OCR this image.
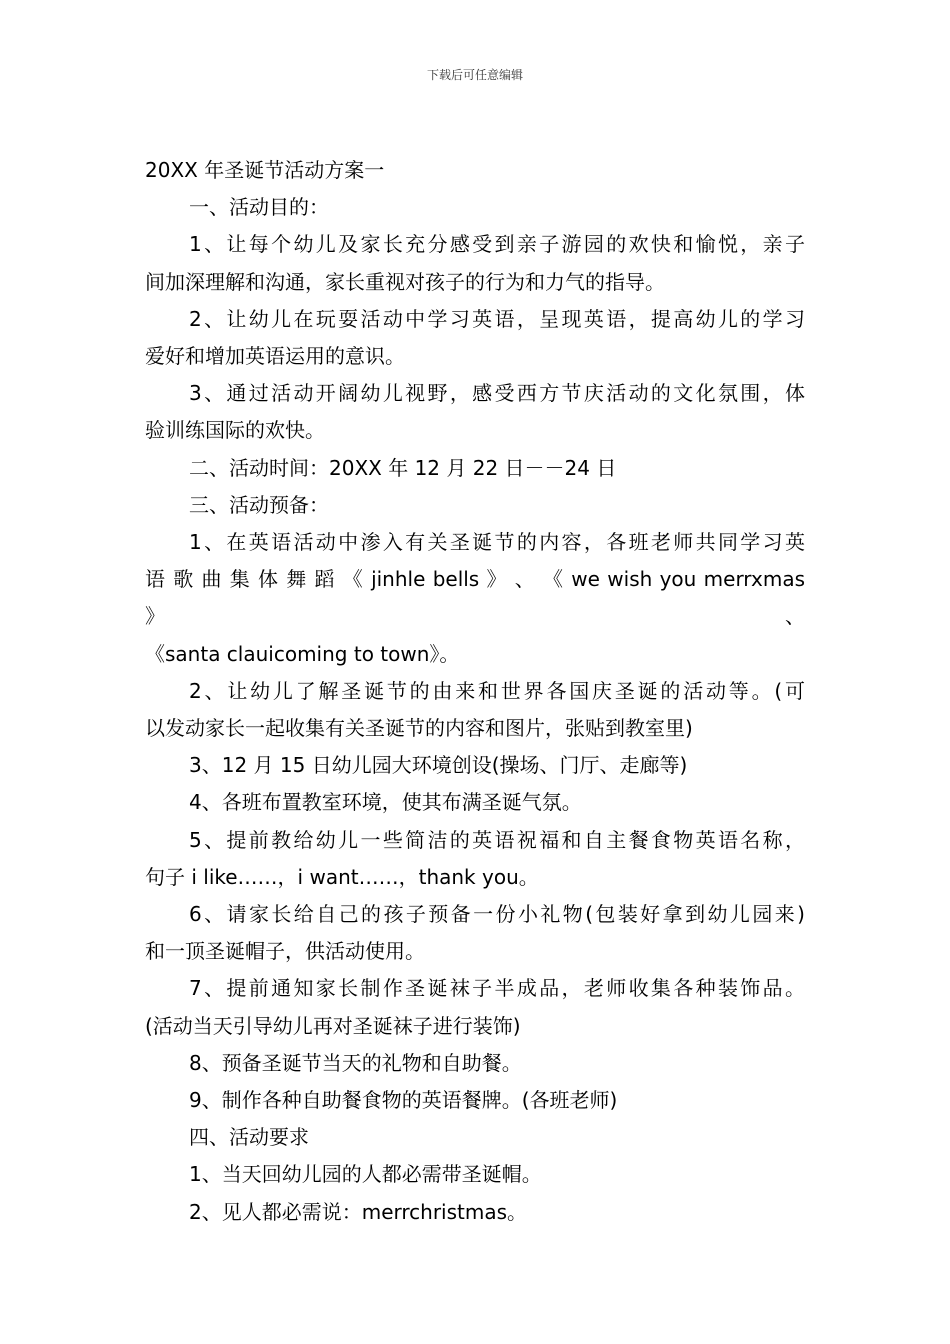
下载后可任意编辑

20XX 年圣诞节活动方案一

一、活动目的：

1、让每个幼儿及家长充分感受到亲子游园的欢快和愉悦，亲子

间加深理解和沟通，家长重视对孩子的行为和力气的指导。

2、让幼儿在玩耍活动中学习英语，呈现英语，提高幼儿的学习

爱好和增加英语运用的意识。

3、通过活动开阔幼儿视野，感受西方节庆活动的文化氛围，体

验训练国际的欢快。

二、活动时间：20XX 年 12 月 22 日－－24 日

三、活动预备：

1、在英语活动中渗入有关圣诞节的内容，各班老师共同学习英

语 歌 曲 集 体 舞 蹈 《 jinhle bells 》 、 《 we wish you merrxmas 》 、

《santa clauicoming to town》。

2、让幼儿了解圣诞节的由来和世界各国庆圣诞的活动等。(可

以发动家长一起收集有关圣诞节的内容和图片，张贴到教室里)

3、12 月 15 日幼儿园大环境创设(操场、门厅、走廊等)

4、各班布置教室环境，使其布满圣诞气氛。

5、提前教给幼儿一些简洁的英语祝福和自主餐食物英语名称，

句子 i like……，i want……，thank you。

6、请家长给自己的孩子预备一份小礼物(包装好拿到幼儿园来)

和一顶圣诞帽子，供活动使用。

7、提前通知家长制作圣诞袜子半成品，老师收集各种装饰品。

(活动当天引导幼儿再对圣诞袜子进行装饰)

8、预备圣诞节当天的礼物和自助餐。

9、制作各种自助餐食物的英语餐牌。(各班老师)

四、活动要求

1、当天回幼儿园的人都必需带圣诞帽。

2、见人都必需说：merrchristmas。
